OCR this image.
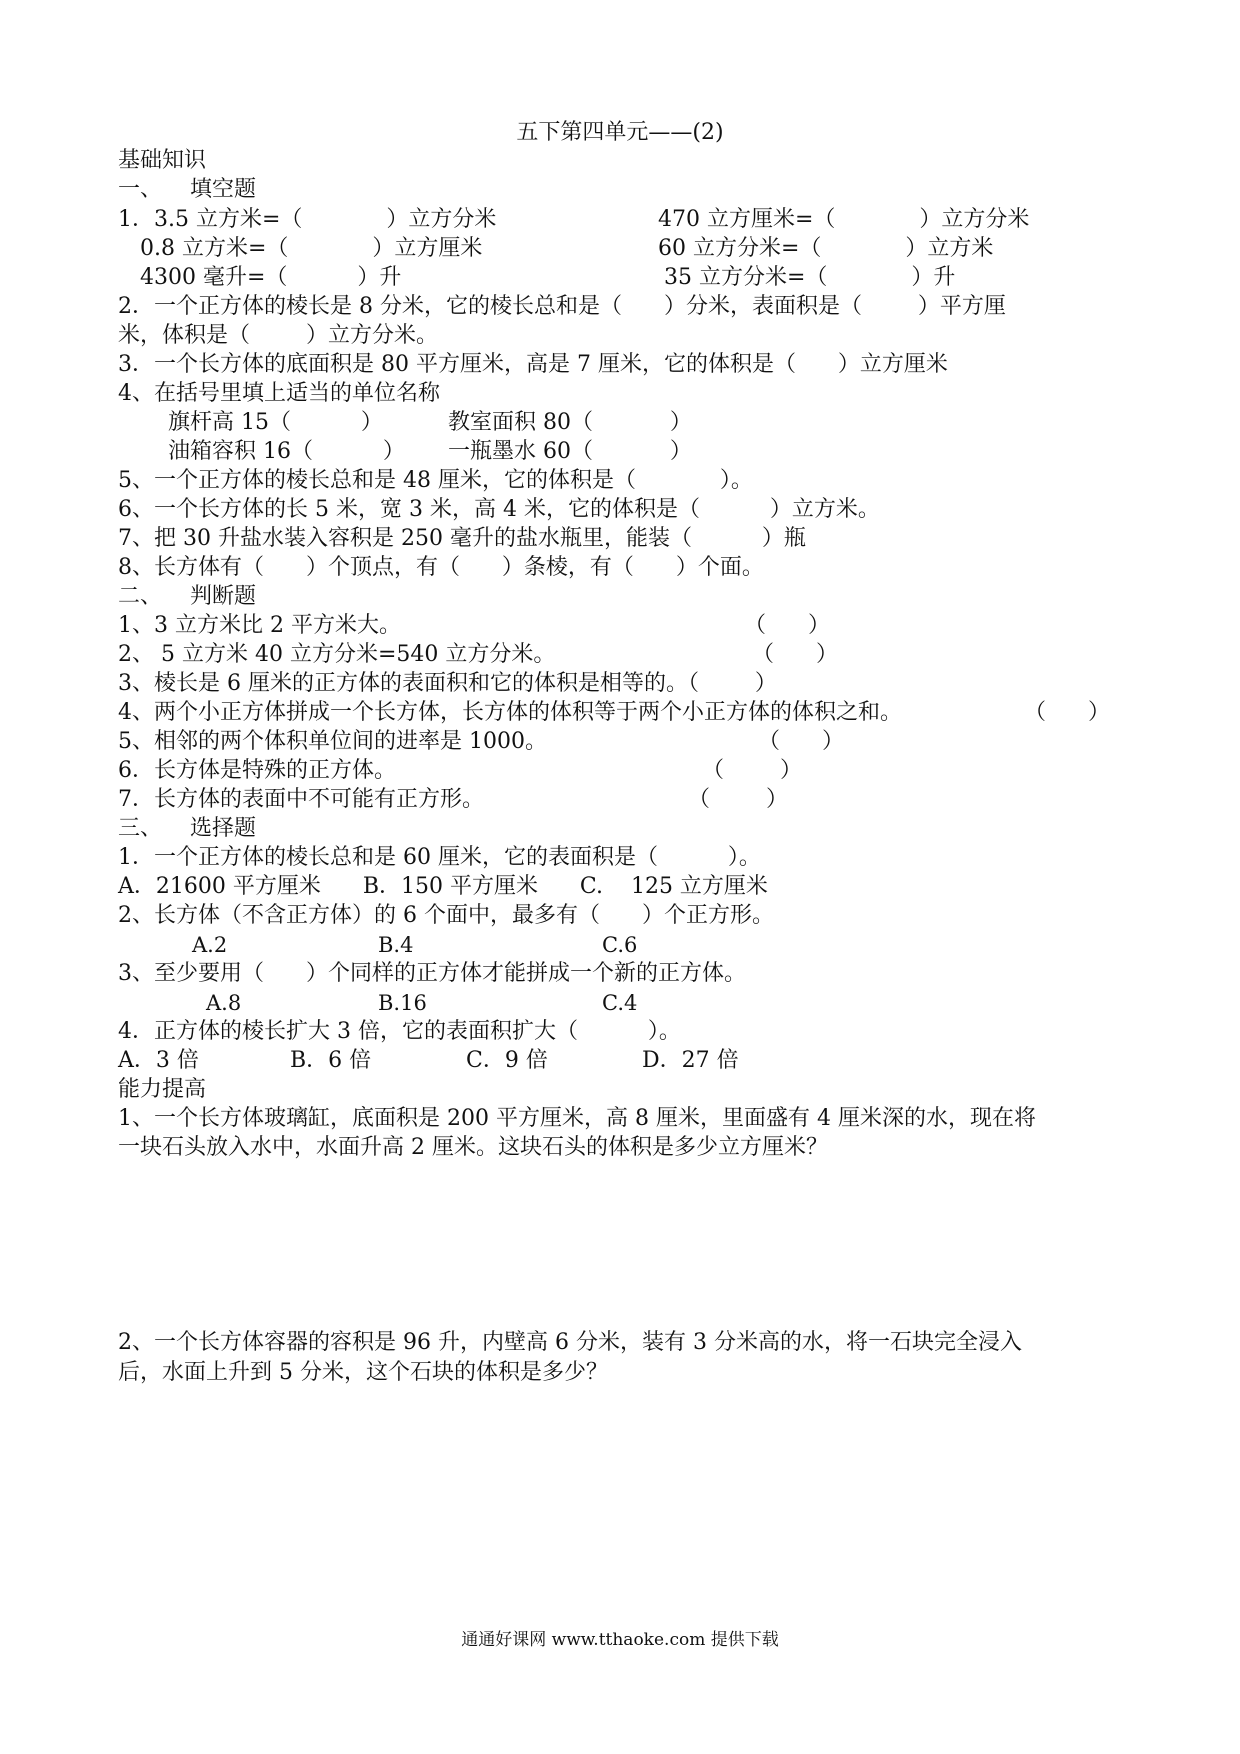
五下第四单元——(2)
基础知识
一、    填空题
1．3.5 立方米=（            ）立方分米	470 立方厘米=（            ）立方分米
0.8 立方米=（            ）立方厘米	60 立方分米=（            ）立方米
4300 毫升=（          ）升	35 立方分米=（            ）升
2．一个正方体的棱长是 8 分米，它的棱长总和是（      ）分米，表面积是（        ）平方厘
米，体积是（        ）立方分米。
3．一个长方体的底面积是 80 平方厘米，高是 7 厘米，它的体积是（      ）立方厘米
4、在括号里填上适当的单位名称
旗杆高 15（          ）	教室面积 80（           ）
油箱容积 16（          ） 一瓶墨水 60（           ）
5、一个正方体的棱长总和是 48 厘米，它的体积是（            ）。
6、一个长方体的长 5 米，宽 3 米，高 4 米，它的体积是（          ）立方米。
7、把 30 升盐水装入容积是 250 毫升的盐水瓶里，能装（          ）瓶
8、长方体有（      ）个顶点，有（      ）条棱，有（      ）个面。
二、    判断题
1、3 立方米比 2 平方米大。	（      ）
2、 5 立方米 40 立方分米=540 立方分米。	（      ）
3、棱长是 6 厘米的正方体的表面积和它的体积是相等的。（        ）
4、两个小正方体拼成一个长方体，长方体的体积等于两个小正方体的体积之和。	（      ）
5、相邻的两个体积单位间的进率是 1000。	（      ）
6．长方体是特殊的正方体。	（        ）
7．长方体的表面中不可能有正方形。	（        ）
三、    选择题
1．一个正方体的棱长总和是 60 厘米，它的表面积是（          ）。
A．21600 平方厘米      B．150 平方厘米      C.    125 立方厘米
2、长方体（不含正方体）的 6 个面中，最多有（      ）个正方形。
A.2	B.4	C.6
3、至少要用（      ）个同样的正方体才能拼成一个新的正方体。
A.8	B.16	C.4
4．正方体的棱长扩大 3 倍，它的表面积扩大（          ）。
A．3 倍	B．6 倍	C．9 倍	D．27 倍
能力提高
1、一个长方体玻璃缸，底面积是 200 平方厘米，高 8 厘米，里面盛有 4 厘米深的水，现在将
一块石头放入水中，水面升高 2 厘米。这块石头的体积是多少立方厘米？
2、一个长方体容器的容积是 96 升，内壁高 6 分米，装有 3 分米高的水，将一石块完全浸入
后，水面上升到 5 分米，这个石块的体积是多少？
通通好课网 www.tthaoke.com 提供下载
